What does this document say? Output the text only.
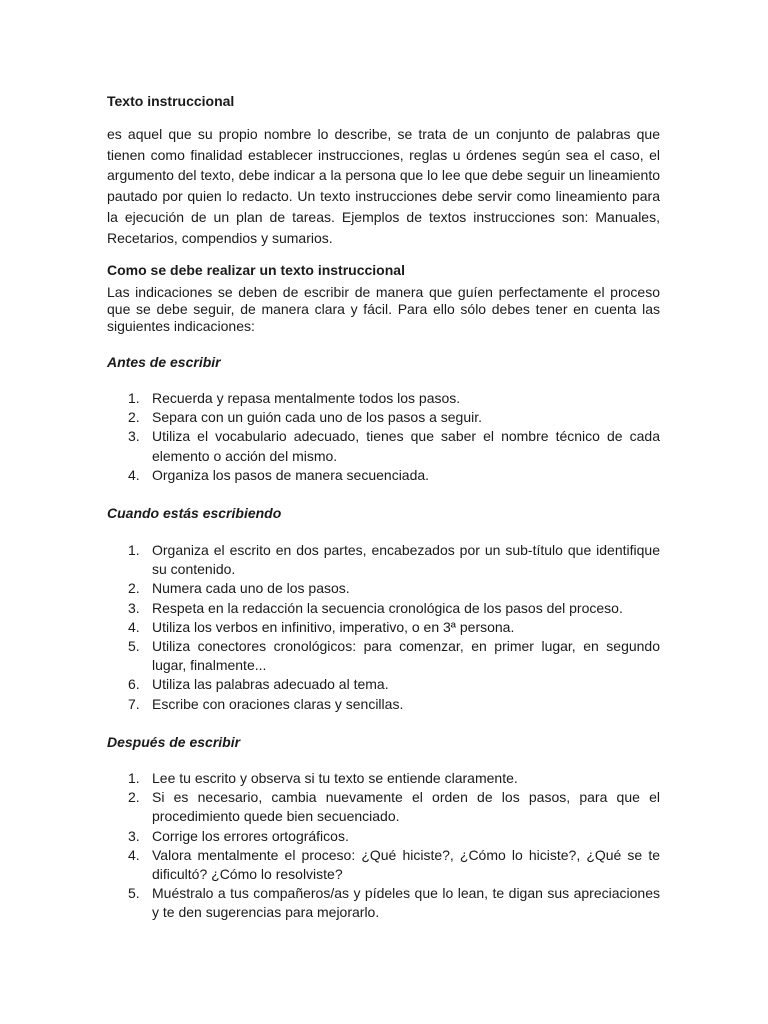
Texto instruccional

es aquel que su propio nombre lo describe, se trata de un conjunto de palabras que tienen como finalidad establecer instrucciones, reglas u órdenes según sea el caso, el argumento del texto, debe indicar a la persona que lo lee que debe seguir un lineamiento pautado por quien lo redacto. Un texto instrucciones debe servir como lineamiento para la ejecución de un plan de tareas. Ejemplos de textos instrucciones son: Manuales, Recetarios, compendios y sumarios.

Como se debe realizar un texto instruccional

Las indicaciones se deben de escribir de manera que guíen perfectamente el proceso que se debe seguir, de manera clara y fácil. Para ello sólo debes tener en cuenta las siguientes indicaciones:

Antes de escribir

1. Recuerda y repasa mentalmente todos los pasos.
2. Separa con un guión cada uno de los pasos a seguir.
3. Utiliza el vocabulario adecuado, tienes que saber el nombre técnico de cada elemento o acción del mismo.
4. Organiza los pasos de manera secuenciada.

Cuando estás escribiendo

1. Organiza el escrito en dos partes, encabezados por un sub-título que identifique su contenido.
2. Numera cada uno de los pasos.
3. Respeta en la redacción la secuencia cronológica de los pasos del proceso.
4. Utiliza los verbos en infinitivo, imperativo, o en 3ª persona.
5. Utiliza conectores cronológicos: para comenzar, en primer lugar, en segundo lugar, finalmente...
6. Utiliza las palabras adecuado al tema.
7. Escribe con oraciones claras y sencillas.

Después de escribir

1. Lee tu escrito y observa si tu texto se entiende claramente.
2. Si es necesario, cambia nuevamente el orden de los pasos, para que el procedimiento quede bien secuenciado.
3. Corrige los errores ortográficos.
4. Valora mentalmente el proceso: ¿Qué hiciste?, ¿Cómo lo hiciste?, ¿Qué se te dificultó? ¿Cómo lo resolviste?
5. Muéstralo a tus compañeros/as y pídeles que lo lean, te digan sus apreciaciones y te den sugerencias para mejorarlo.
